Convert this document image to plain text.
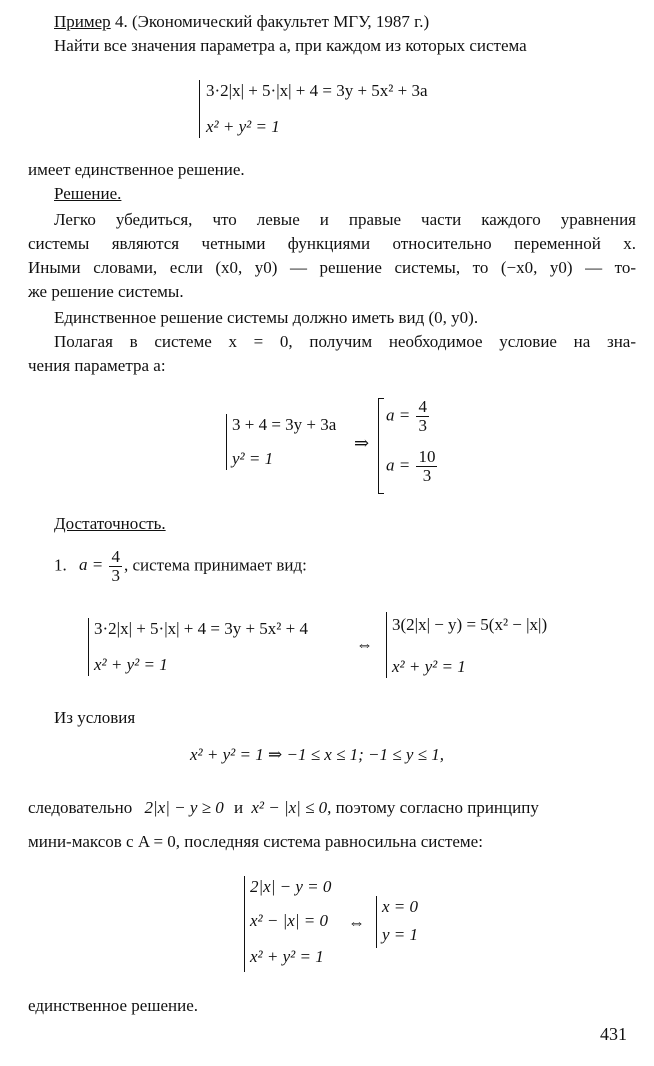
Пример 4. (Экономический факультет МГУ, 1987 г.)
Найти все значения параметра a, при каждом из которых система
3·2|x| + 5·|x| + 4 = 3y + 5x² + 3a
x² + y² = 1
имеет единственное решение.
Решение.
Легко убедиться, что левые и правые части каждого уравнения
системы являются четными функциями относительно переменной x.
Иными словами, если (x0, y0) — решение системы, то (−x0, y0) — то-
же решение системы.
Единственное решение системы должно иметь вид (0, y0).
Полагая в системе x = 0, получим необходимое условие на зна-
чения параметра a:
3 + 4 = 3y + 3a
y² = 1
⇒
$a = \frac{4}{3}$
$a = \frac{10}{3}$
Достаточность.
1. $a = \frac{4}{3}$ , система принимает вид:
3·2|x| + 5·|x| + 4 = 3y + 5x² + 4
x² + y² = 1
⇔
3(2|x| − y) = 5(x² − |x|)
x² + y² = 1
Из условия
x² + y² = 1 ⇒ −1 ≤ x ≤ 1; −1 ≤ y ≤ 1,
следовательно 2|x| − y ≥ 0 и x² − |x| ≤ 0, поэтому согласно принципу
мини-максов с A = 0, последняя система равносильна системе:
2|x| − y = 0
x² − |x| = 0
x² + y² = 1
⇔
x = 0
y = 1
единственное решение.
431
